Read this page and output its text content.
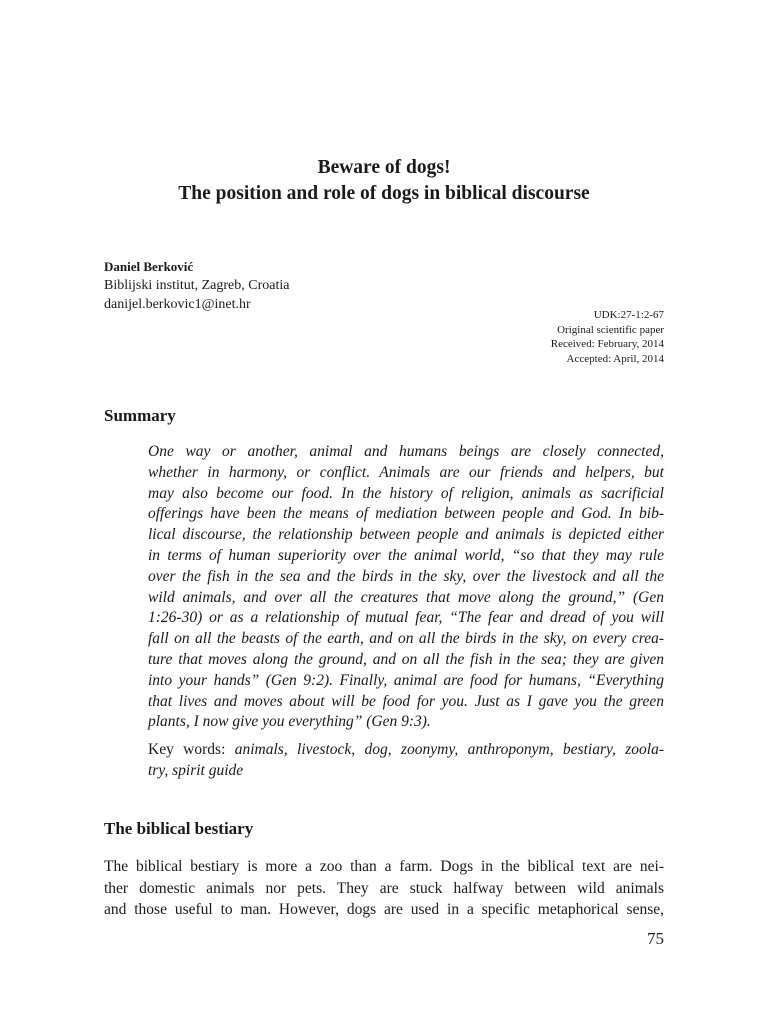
Beware of dogs!
The position and role of dogs in biblical discourse
Daniel Berković
Biblijski institut, Zagreb, Croatia
danijel.berkovic1@inet.hr
UDK:27-1:2-67
Original scientific paper
Received: February, 2014
Accepted: April, 2014
Summary
One way or another, animal and humans beings are closely connected,
whether in harmony, or conflict. Animals are our friends and helpers, but
may also become our food. In the history of religion, animals as sacrificial
offerings have been the means of mediation between people and God. In bib-
lical discourse, the relationship between people and animals is depicted either
in terms of human superiority over the animal world, “so that they may rule
over the fish in the sea and the birds in the sky, over the livestock and all the
wild animals, and over all the creatures that move along the ground,” (Gen
1:26-30) or as a relationship of mutual fear, “The fear and dread of you will
fall on all the beasts of the earth, and on all the birds in the sky, on every crea-
ture that moves along the ground, and on all the fish in the sea; they are given
into your hands” (Gen 9:2). Finally, animal are food for humans, “Everything
that lives and moves about will be food for you. Just as I gave you the green
plants, I now give you everything” (Gen 9:3).
Key words: animals, livestock, dog, zoonymy, anthroponym, bestiary, zoola-
try, spirit guide
The biblical bestiary
The biblical bestiary is more a zoo than a farm. Dogs in the biblical text are nei-
ther domestic animals nor pets. They are stuck halfway between wild animals
and those useful to man. However, dogs are used in a specific metaphorical sense,
75
